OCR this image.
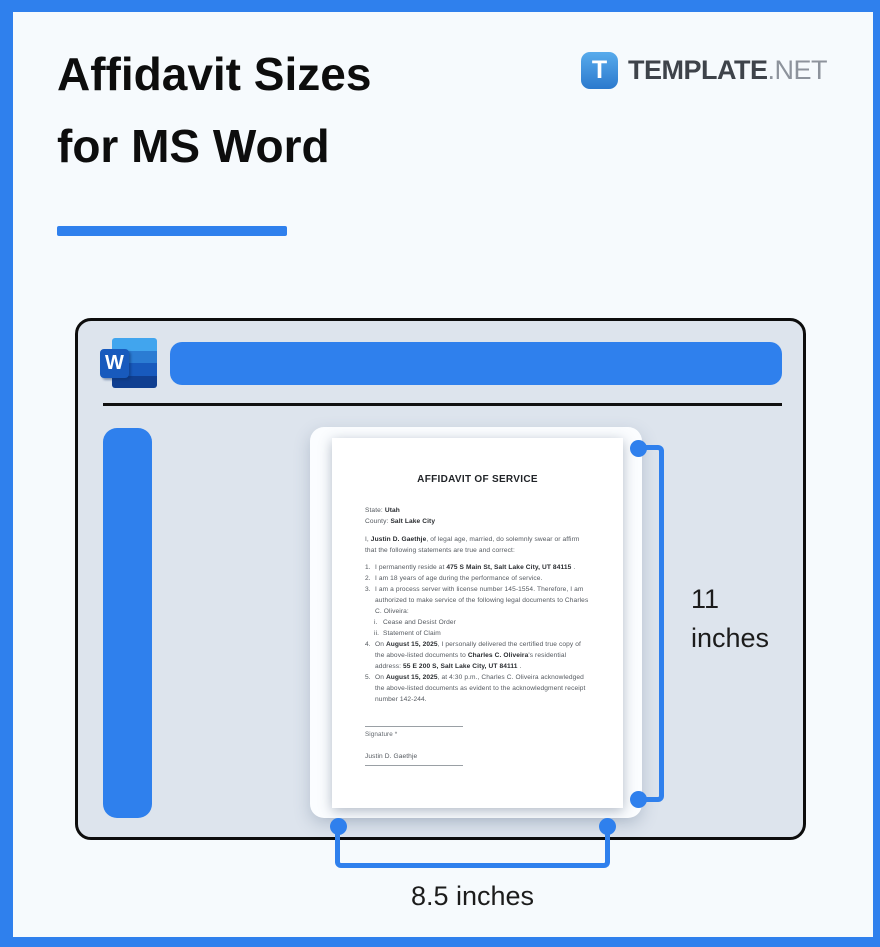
Affidavit Sizes
for MS Word
T TEMPLATE.NET
W
AFFIDAVIT OF SERVICE
State: Utah
County: Salt Lake City
I, Justin D. Gaethje, of legal age, married, do solemnly swear or affirm that the following statements are true and correct:
1. I permanently reside at 475 S Main St, Salt Lake City, UT 84115 .
2. I am 18 years of age during the performance of service.
3. I am a process server with license number 145-1554. Therefore, I am authorized to make service of the following legal documents to Charles C. Oliveira:
i. Cease and Desist Order
ii. Statement of Claim
4. On August 15, 2025, I personally delivered the certified true copy of the above-listed documents to Charles C. Oliveira's residential address: 55 E 200 S, Salt Lake City, UT 84111 .
5. On August 15, 2025, at 4:30 p.m., Charles C. Oliveira acknowledged the above-listed documents as evident to the acknowledgment receipt number 142-244.
Signature *
Justin D. Gaethje
11
inches
8.5 inches
